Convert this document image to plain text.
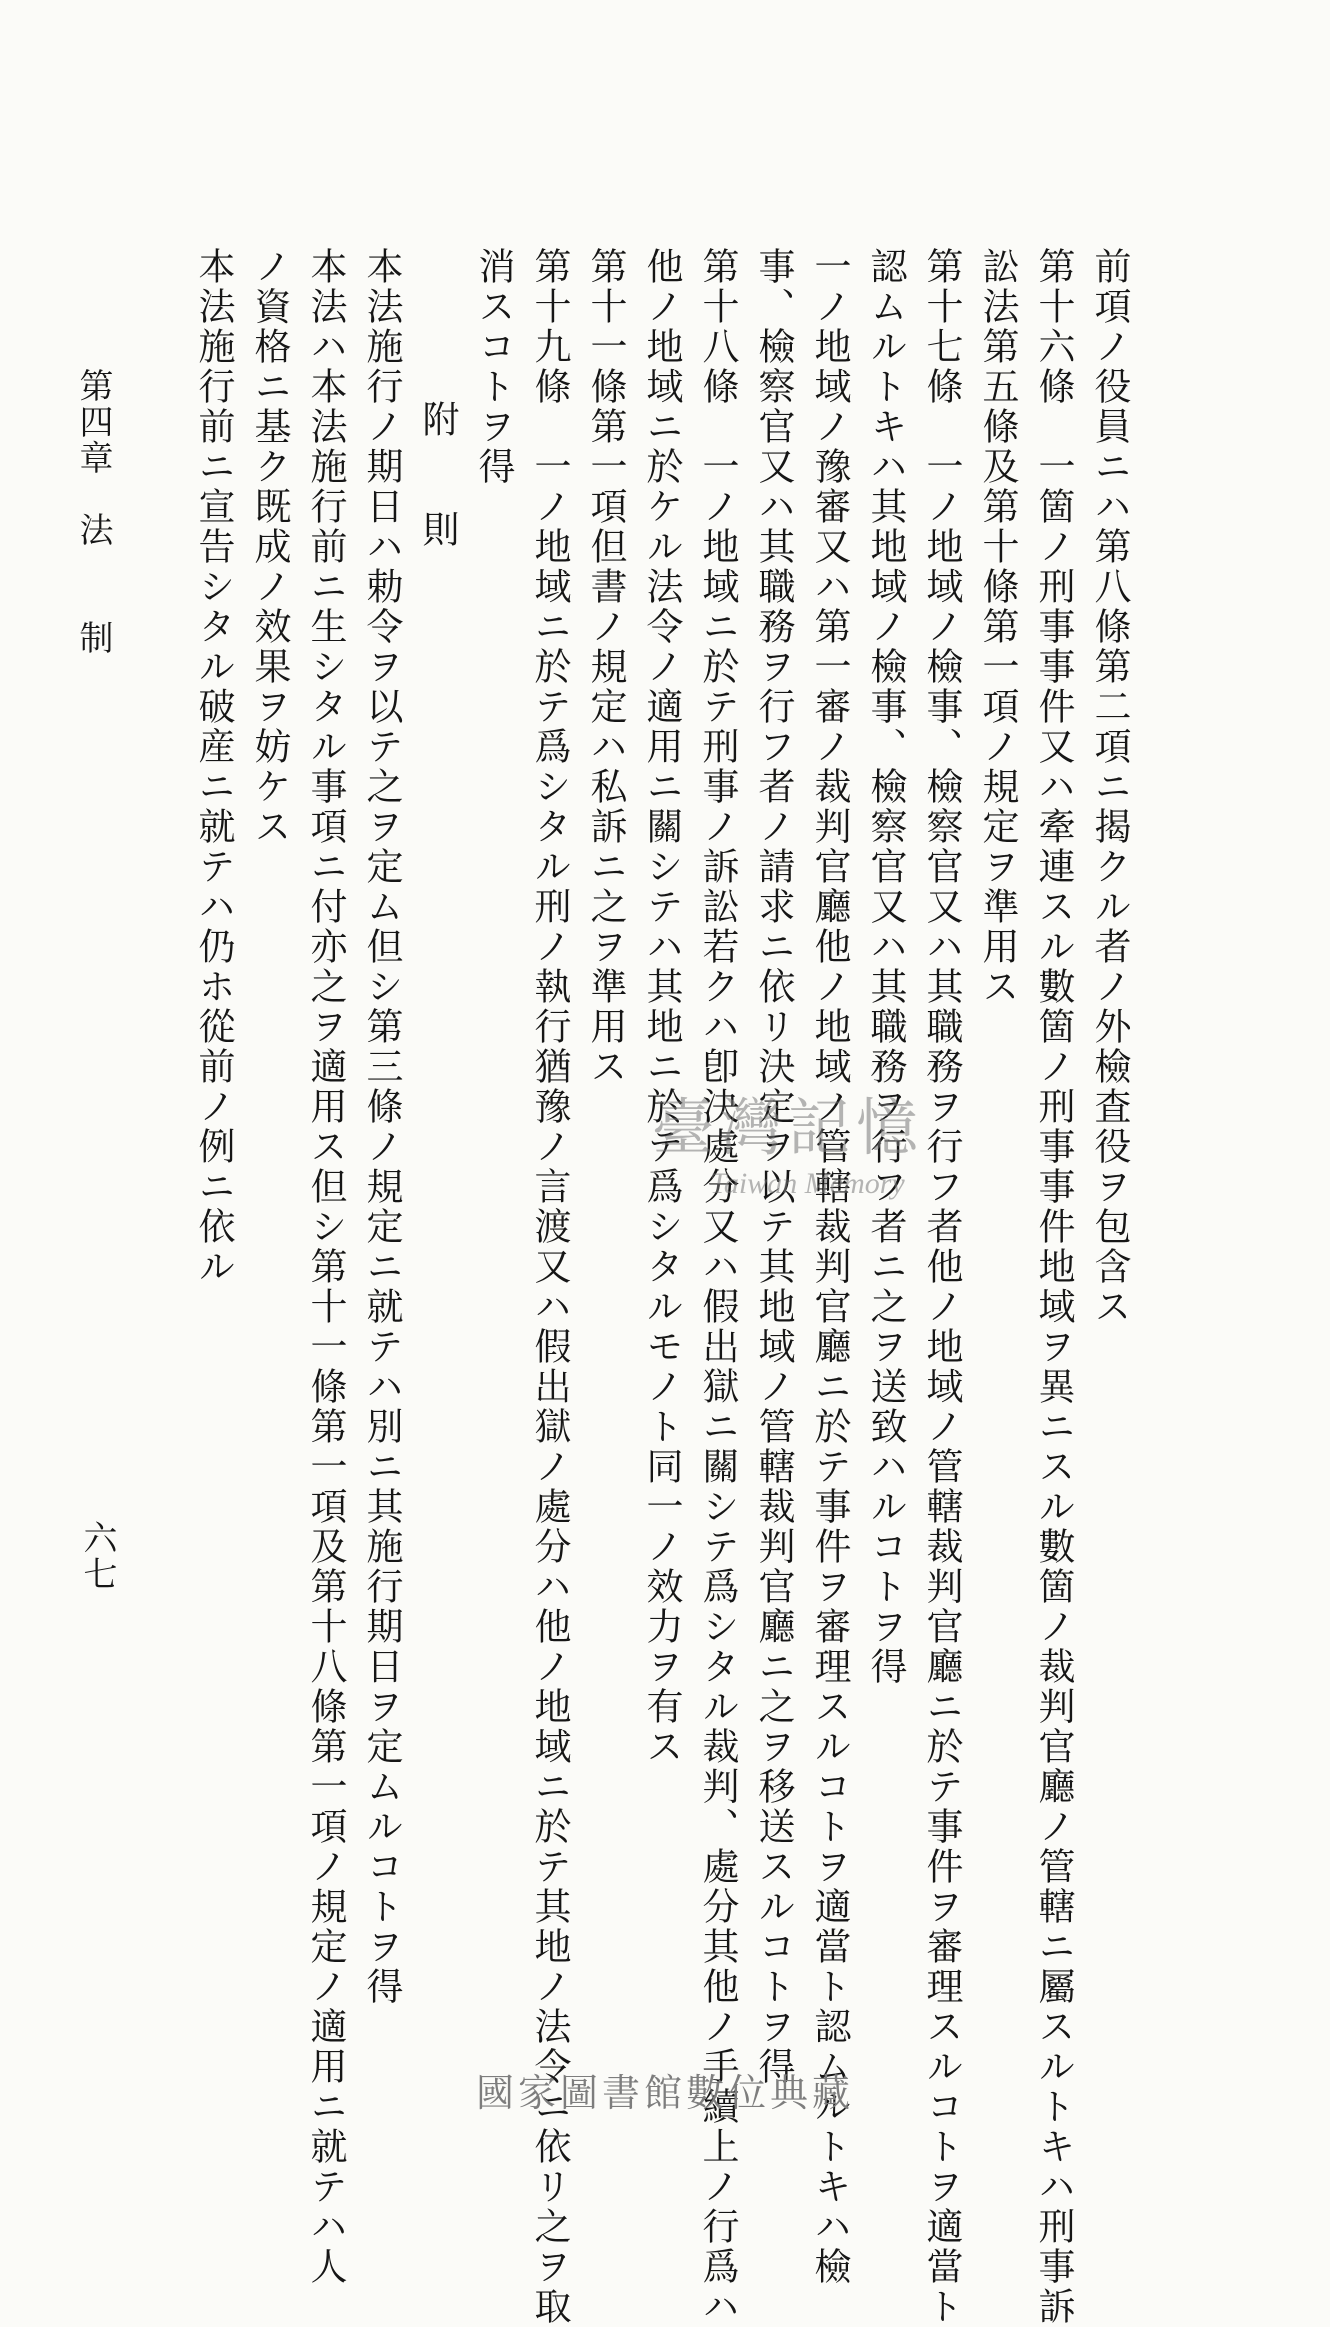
前項ノ役員ニハ第八條第二項ニ揭クル者ノ外檢査役ヲ包含ス
第十六條　一箇ノ刑事事件又ハ牽連スル數箇ノ刑事事件地域ヲ異ニスル數箇ノ裁判官廳ノ管轄ニ屬スルトキハ刑事訴
訟法第五條及第十條第一項ノ規定ヲ準用ス
第十七條　一ノ地域ノ檢事、檢察官又ハ其職務ヲ行フ者他ノ地域ノ管轄裁判官廳ニ於テ事件ヲ審理スルコトヲ適當ト
認ムルトキハ其地域ノ檢事、檢察官又ハ其職務ヲ行フ者ニ之ヲ送致ハルコトヲ得
一ノ地域ノ豫審又ハ第一審ノ裁判官廳他ノ地域ノ管轄裁判官廳ニ於テ事件ヲ審理スルコトヲ適當ト認ムルトキハ檢
事、檢察官又ハ其職務ヲ行フ者ノ請求ニ依リ決定ヲ以テ其地域ノ管轄裁判官廳ニ之ヲ移送スルコトヲ得
第十八條　一ノ地域ニ於テ刑事ノ訴訟若クハ卽決處分又ハ假出獄ニ關シテ爲シタル裁判、處分其他ノ手續上ノ行爲ハ
他ノ地域ニ於ケル法令ノ適用ニ關シテハ其地ニ於テ爲シタルモノト同一ノ效力ヲ有ス
第十一條第一項但書ノ規定ハ私訴ニ之ヲ準用ス
第十九條　一ノ地域ニ於テ爲シタル刑ノ執行猶豫ノ言渡又ハ假出獄ノ處分ハ他ノ地域ニ於テ其地ノ法令ニ依リ之ヲ取
消スコトヲ得
附　則
本法施行ノ期日ハ勅令ヲ以テ之ヲ定ム但シ第三條ノ規定ニ就テハ別ニ其施行期日ヲ定ムルコトヲ得
本法ハ本法施行前ニ生シタル事項ニ付亦之ヲ適用ス但シ第十一條第一項及第十八條第一項ノ規定ノ適用ニ就テハ人
ノ資格ニ基ク既成ノ效果ヲ妨ケス
本法施行前ニ宣告シタル破産ニ就テハ仍ホ從前ノ例ニ依ル
第四章　法　　制
六七
臺灣記憶
Taiwan Memory
國家圖書館數位典藏
